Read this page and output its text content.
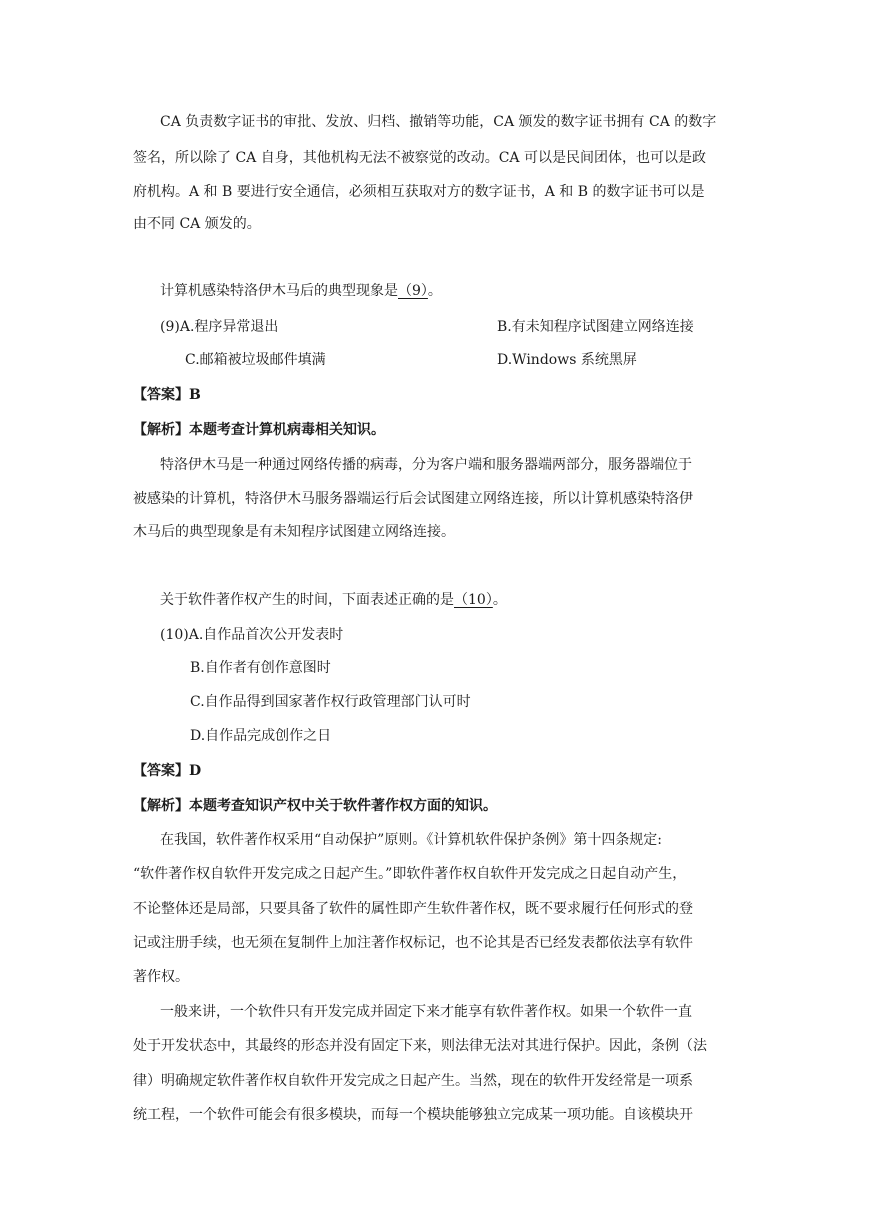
CA 负责数字证书的审批、发放、归档、撤销等功能，CA 颁发的数字证书拥有 CA 的数字
签名，所以除了 CA 自身，其他机构无法不被察觉的改动。CA 可以是民间团体，也可以是政
府机构。A 和 B 要进行安全通信，必须相互获取对方的数字证书，A 和 B 的数字证书可以是
由不同 CA 颁发的。
计算机感染特洛伊木马后的典型现象是（9）。
(9)A.程序异常退出	B.有未知程序试图建立网络连接
C.邮箱被垃圾邮件填满	D.Windows 系统黑屏
【答案】B
【解析】本题考查计算机病毒相关知识。
特洛伊木马是一种通过网络传播的病毒，分为客户端和服务器端两部分，服务器端位于
被感染的计算机，特洛伊木马服务器端运行后会试图建立网络连接，所以计算机感染特洛伊
木马后的典型现象是有未知程序试图建立网络连接。
关于软件著作权产生的时间，下面表述正确的是（10）。
(10)A.自作品首次公开发表时
B.自作者有创作意图时
C.自作品得到国家著作权行政管理部门认可时
D.自作品完成创作之日
【答案】D
【解析】本题考查知识产权中关于软件著作权方面的知识。
在我国，软件著作权采用“自动保护”原则。《计算机软件保护条例》第十四条规定:
“软件著作权自软件开发完成之日起产生。”即软件著作权自软件开发完成之日起自动产生，
不论整体还是局部，只要具备了软件的属性即产生软件著作权，既不要求履行任何形式的登
记或注册手续，也无须在复制件上加注著作权标记，也不论其是否已经发表都依法享有软件
著作权。
一般来讲，一个软件只有开发完成并固定下来才能享有软件著作权。如果一个软件一直
处于开发状态中，其最终的形态并没有固定下来，则法律无法对其进行保护。因此，条例（法
律）明确规定软件著作权自软件开发完成之日起产生。当然，现在的软件开发经常是一项系
统工程，一个软件可能会有很多模块，而每一个模块能够独立完成某一项功能。自该模块开
